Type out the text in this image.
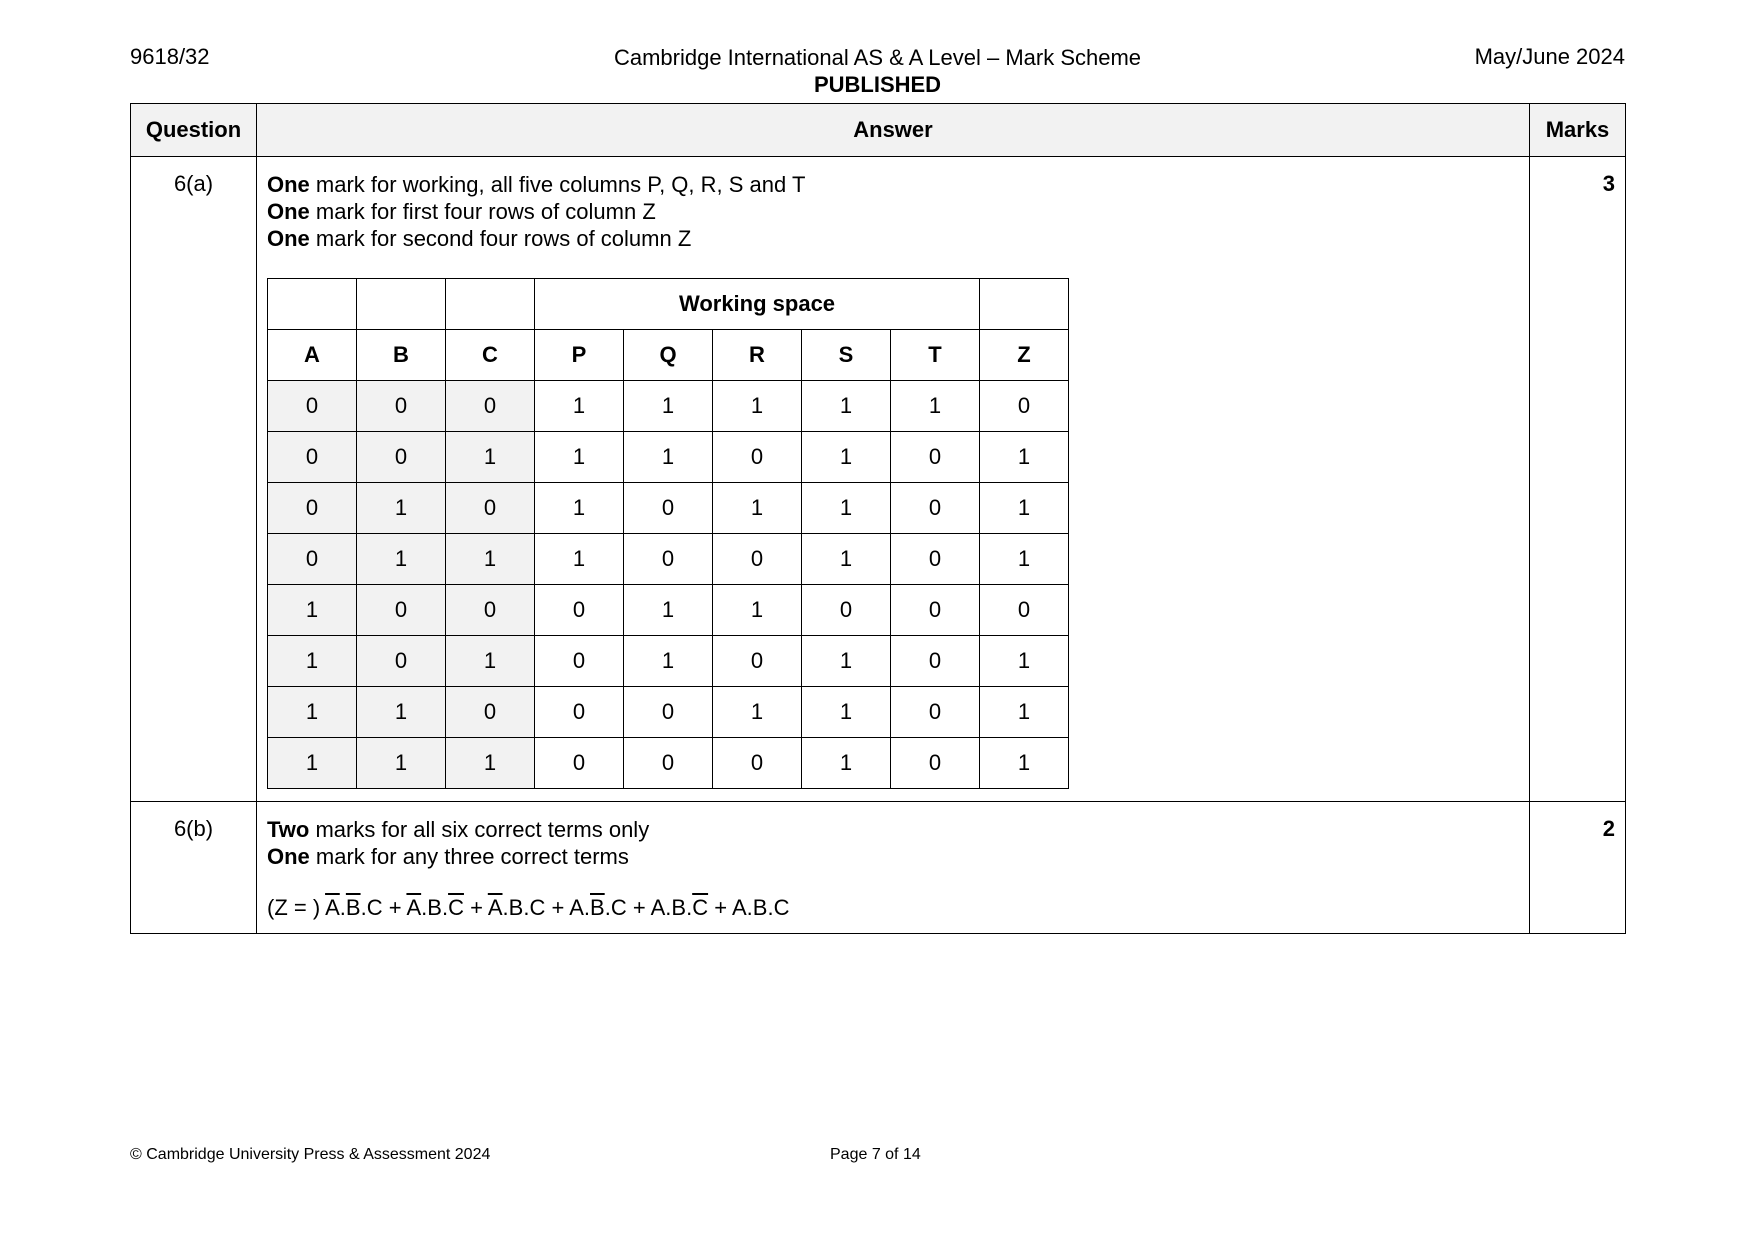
9618/32	Cambridge International AS & A Level – Mark Scheme
PUBLISHED
May/June 2024
Question	Answer	Marks
6(a)	One mark for working, all five columns P, Q, R, S and T
One mark for first four rows of column Z
One mark for second four rows of column Z
			Working space	
A	B	C	P	Q	R	S	T	Z
0	0	0	1	1	1	1	1	0
0	0	1	1	1	0	1	0	1
0	1	0	1	0	1	1	0	1
0	1	1	1	0	0	1	0	1
1	0	0	0	1	1	0	0	0
1	0	1	0	1	0	1	0	1
1	1	0	0	0	1	1	0	1
1	1	1	0	0	0	1	0	1
	3
6(b)	Two marks for all six correct terms only
One mark for any three correct terms
(Z = ) $\overline{A}.\overline{B}.C + \overline{A}.B.\overline{C} + \overline{A}.B.C + A.\overline{B}.C + A.B.\overline{C} + A.B.C$
	2
© Cambridge University Press & Assessment 2024	Page 7 of 14
